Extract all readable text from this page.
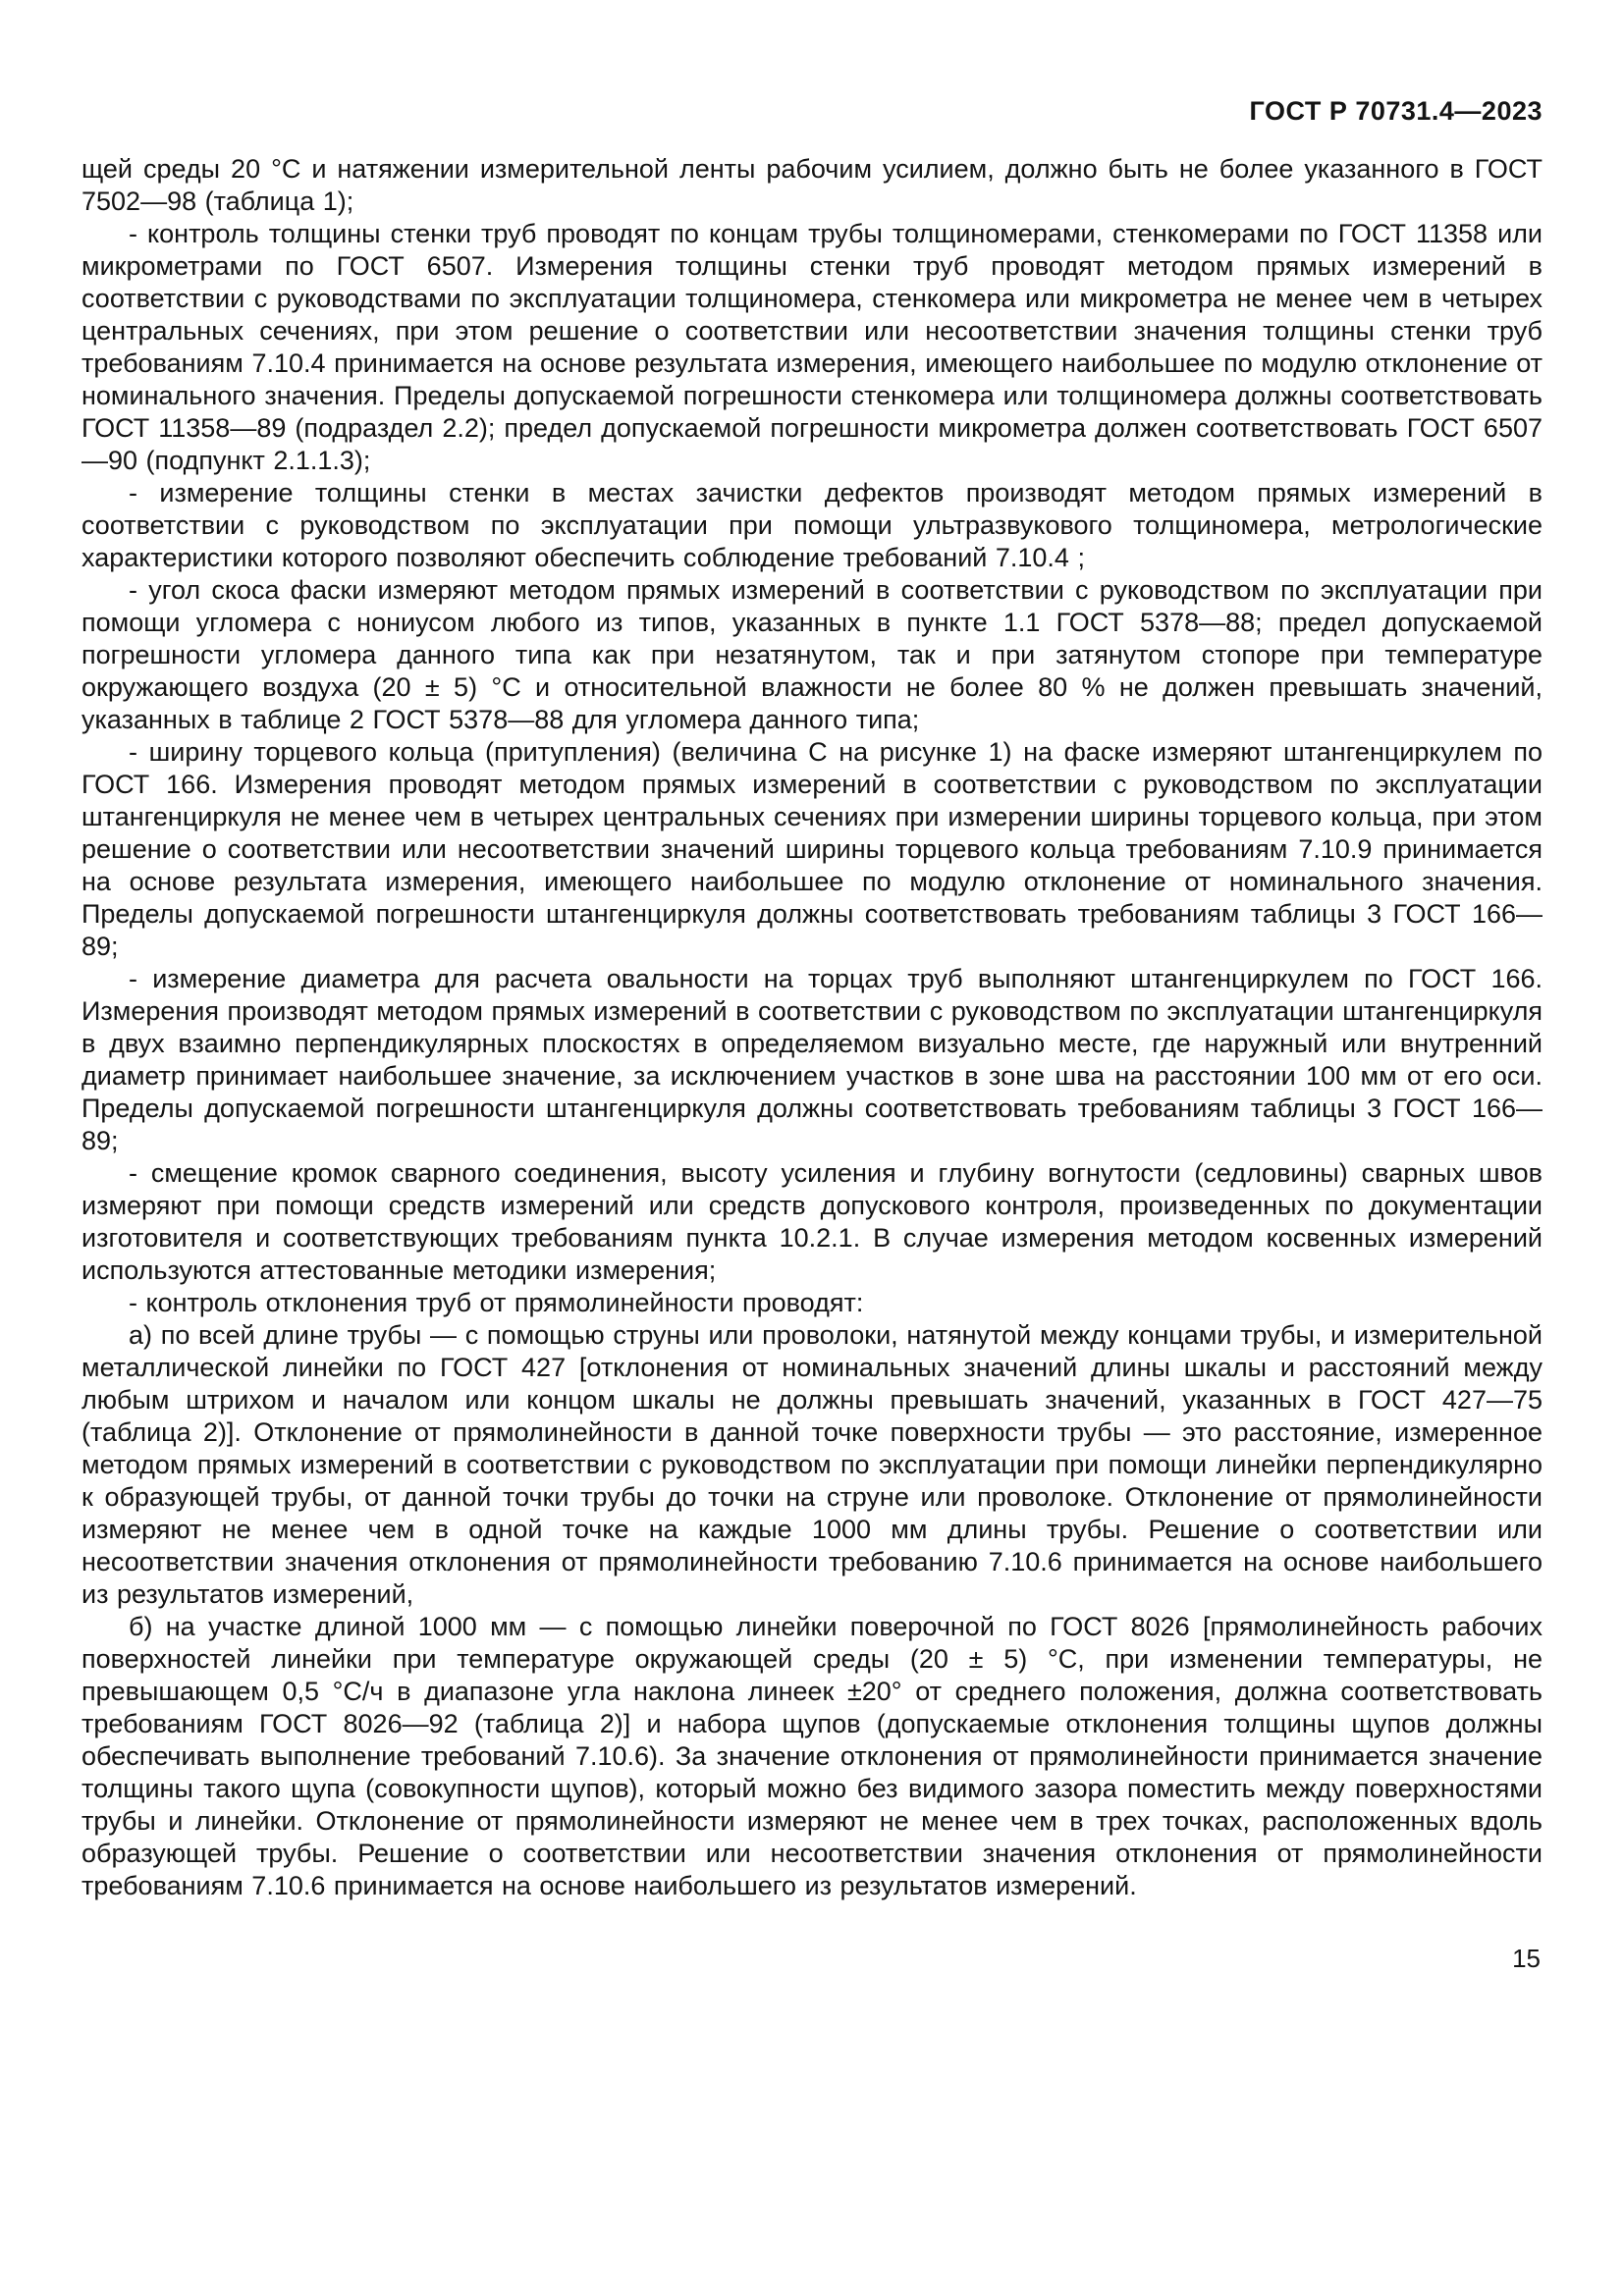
ГОСТ Р 70731.4—2023

щей среды 20 °С и натяжении измерительной ленты рабочим усилием, должно быть не более указанного в ГОСТ 7502—98 (таблица 1);

- контроль толщины стенки труб проводят по концам трубы толщиномерами, стенкомерами по ГОСТ 11358 или микрометрами по ГОСТ 6507. Измерения толщины стенки труб проводят методом прямых измерений в соответствии с руководствами по эксплуатации толщиномера, стенкомера или микрометра не менее чем в четырех центральных сечениях, при этом решение о соответствии или несоответствии значения толщины стенки труб требованиям 7.10.4 принимается на основе результата измерения, имеющего наибольшее по модулю отклонение от номинального значения. Пределы допускаемой погрешности стенкомера или толщиномера должны соответствовать ГОСТ 11358—89 (подраздел 2.2); предел допускаемой погрешности микрометра должен соответствовать ГОСТ 6507—90 (подпункт 2.1.1.3);

- измерение толщины стенки в местах зачистки дефектов производят методом прямых измерений в соответствии с руководством по эксплуатации при помощи ультразвукового толщиномера, метрологические характеристики которого позволяют обеспечить соблюдение требований 7.10.4 ;

- угол скоса фаски измеряют методом прямых измерений в соответствии с руководством по эксплуатации при помощи угломера с нониусом любого из типов, указанных в пункте 1.1 ГОСТ 5378—88; предел допускаемой погрешности угломера данного типа как при незатянутом, так и при затянутом стопоре при температуре окружающего воздуха (20 ± 5) °С и относительной влажности не более 80 % не должен превышать значений, указанных в таблице 2 ГОСТ 5378—88 для угломера данного типа;

- ширину торцевого кольца (притупления) (величина С на рисунке 1) на фаске измеряют штангенциркулем по ГОСТ 166. Измерения проводят методом прямых измерений в соответствии с руководством по эксплуатации штангенциркуля не менее чем в четырех центральных сечениях при измерении ширины торцевого кольца, при этом решение о соответствии или несоответствии значений ширины торцевого кольца требованиям 7.10.9 принимается на основе результата измерения, имеющего наибольшее по модулю отклонение от номинального значения. Пределы допускаемой погрешности штангенциркуля должны соответствовать требованиям таблицы 3 ГОСТ 166—89;

- измерение диаметра для расчета овальности на торцах труб выполняют штангенциркулем по ГОСТ 166. Измерения производят методом прямых измерений в соответствии с руководством по эксплуатации штангенциркуля в двух взаимно перпендикулярных плоскостях в определяемом визуально месте, где наружный или внутренний диаметр принимает наибольшее значение, за исключением участков в зоне шва на расстоянии 100 мм от его оси. Пределы допускаемой погрешности штангенциркуля должны соответствовать требованиям таблицы 3 ГОСТ 166—89;

- смещение кромок сварного соединения, высоту усиления и глубину вогнутости (седловины) сварных швов измеряют при помощи средств измерений или средств допускового контроля, произведенных по документации изготовителя и соответствующих требованиям пункта 10.2.1. В случае измерения методом косвенных измерений используются аттестованные методики измерения;

- контроль отклонения труб от прямолинейности проводят:

а) по всей длине трубы — с помощью струны или проволоки, натянутой между концами трубы, и измерительной металлической линейки по ГОСТ 427 [отклонения от номинальных значений длины шкалы и расстояний между любым штрихом и началом или концом шкалы не должны превышать значений, указанных в ГОСТ 427—75 (таблица 2)]. Отклонение от прямолинейности в данной точке поверхности трубы — это расстояние, измеренное методом прямых измерений в соответствии с руководством по эксплуатации при помощи линейки перпендикулярно к образующей трубы, от данной точки трубы до точки на струне или проволоке. Отклонение от прямолинейности измеряют не менее чем в одной точке на каждые 1000 мм длины трубы. Решение о соответствии или несоответствии значения отклонения от прямолинейности требованию 7.10.6 принимается на основе наибольшего из результатов измерений,

б) на участке длиной 1000 мм — с помощью линейки поверочной по ГОСТ 8026 [прямолинейность рабочих поверхностей линейки при температуре окружающей среды (20 ± 5) °С, при изменении температуры, не превышающем 0,5 °С/ч в диапазоне угла наклона линеек ±20° от среднего положения, должна соответствовать требованиям ГОСТ 8026—92 (таблица 2)] и набора щупов (допускаемые отклонения толщины щупов должны обеспечивать выполнение требований 7.10.6). За значение отклонения от прямолинейности принимается значение толщины такого щупа (совокупности щупов), который можно без видимого зазора поместить между поверхностями трубы и линейки. Отклонение от прямолинейности измеряют не менее чем в трех точках, расположенных вдоль образующей трубы. Решение о соответствии или несоответствии значения отклонения от прямолинейности требованиям 7.10.6 принимается на основе наибольшего из результатов измерений.

15
